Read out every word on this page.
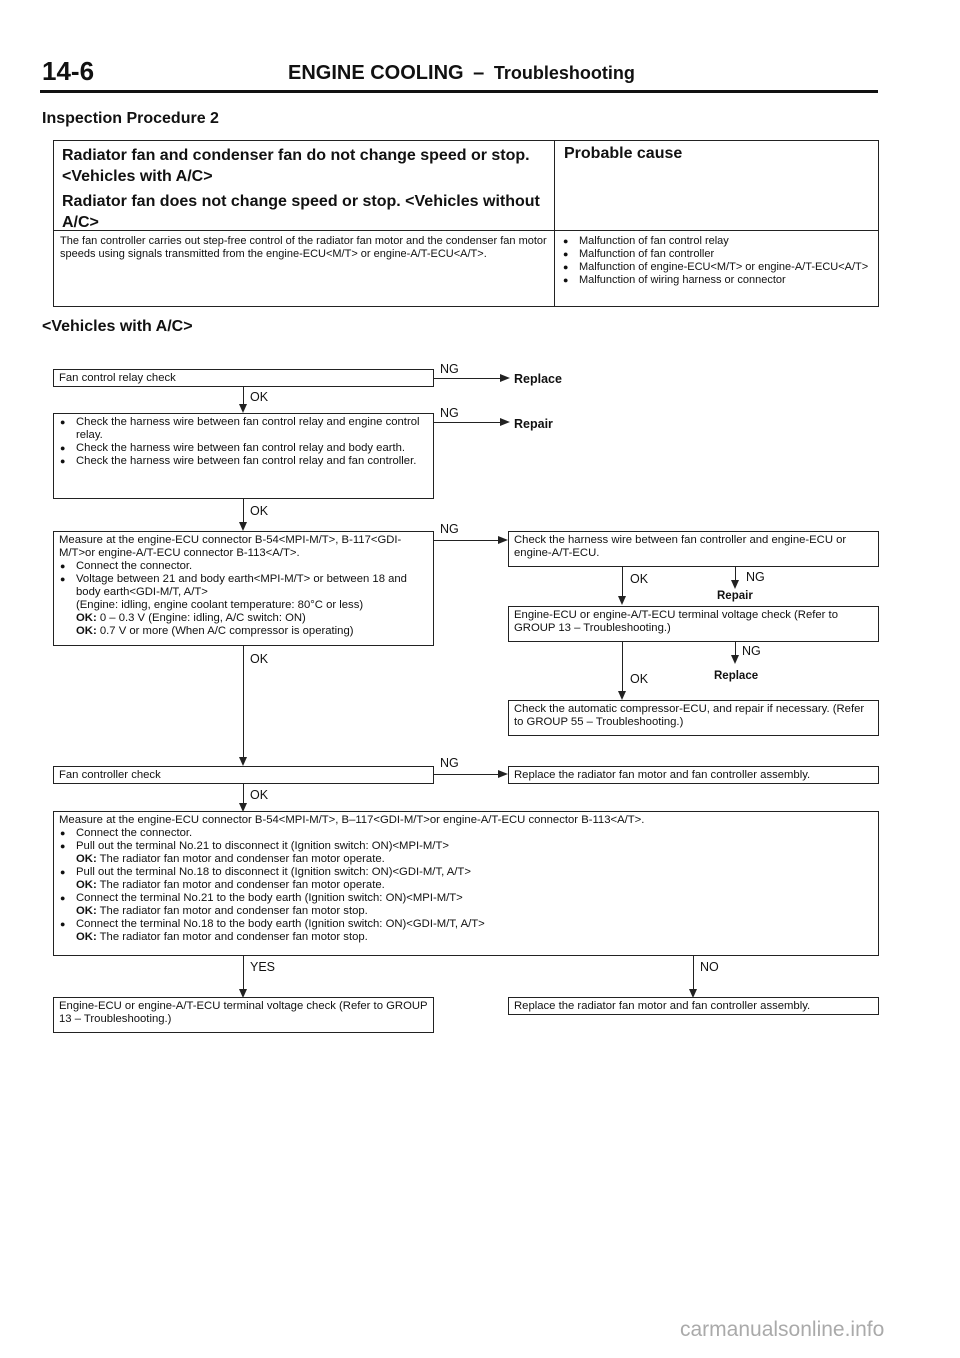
14-6	ENGINE COOLING – Troubleshooting
Inspection Procedure 2
Radiator fan and condenser fan do not change speed or stop. <Vehicles with A/C>
Radiator fan does not change speed or stop. <Vehicles without A/C>
Probable cause
The fan controller carries out step-free control of the radiator fan motor and the condenser fan motor speeds using signals transmitted from the engine-ECU<M/T> or engine-A/T-ECU<A/T>.
● Malfunction of fan control relay
● Malfunction of fan controller
● Malfunction of engine-ECU<M/T> or engine-A/T-ECU<A/T>
● Malfunction of wiring harness or connector
<Vehicles with A/C>
Fan control relay check
NG
Replace
OK
● Check the harness wire between fan control relay and engine control relay.
● Check the harness wire between fan control relay and body earth.
● Check the harness wire between fan control relay and fan controller.
NG
Repair
OK
Measure at the engine-ECU connector B-54<MPI-M/T>, B-117<GDI-M/T>or engine-A/T-ECU connector B-113<A/T>.
● Connect the connector.
● Voltage between 21 and body earth<MPI-M/T> or between 18 and body earth<GDI-M/T, A/T>
(Engine: idling, engine coolant temperature: 80°C or less)
OK: 0 – 0.3 V (Engine: idling, A/C switch: ON)
OK: 0.7 V or more (When A/C compressor is operating)
NG
OK
Check the harness wire between fan controller and engine-ECU or engine-A/T-ECU.
OK	NG
Repair
Engine-ECU or engine-A/T-ECU terminal voltage check (Refer to GROUP 13 – Troubleshooting.)
NG
Replace
OK
Check the automatic compressor-ECU, and repair if necessary. (Refer to GROUP 55 – Troubleshooting.)
Fan controller check
NG
Replace the radiator fan motor and fan controller assembly.
OK
Measure at the engine-ECU connector B-54<MPI-M/T>, B–117<GDI-M/T>or engine-A/T-ECU connector B-113<A/T>.
● Connect the connector.
● Pull out the terminal No.21 to disconnect it (Ignition switch: ON)<MPI-M/T>
OK: The radiator fan motor and condenser fan motor operate.
● Pull out the terminal No.18 to disconnect it (Ignition switch: ON)<GDI-M/T, A/T>
OK: The radiator fan motor and condenser fan motor operate.
● Connect the terminal No.21 to the body earth (Ignition switch: ON)<MPI-M/T>
OK: The radiator fan motor and condenser fan motor stop.
● Connect the terminal No.18 to the body earth (Ignition switch: ON)<GDI-M/T, A/T>
OK: The radiator fan motor and condenser fan motor stop.
YES	NO
Engine-ECU or engine-A/T-ECU terminal voltage check (Refer to GROUP 13 – Troubleshooting.)
Replace the radiator fan motor and fan controller assembly.
carmanualsonline.info
